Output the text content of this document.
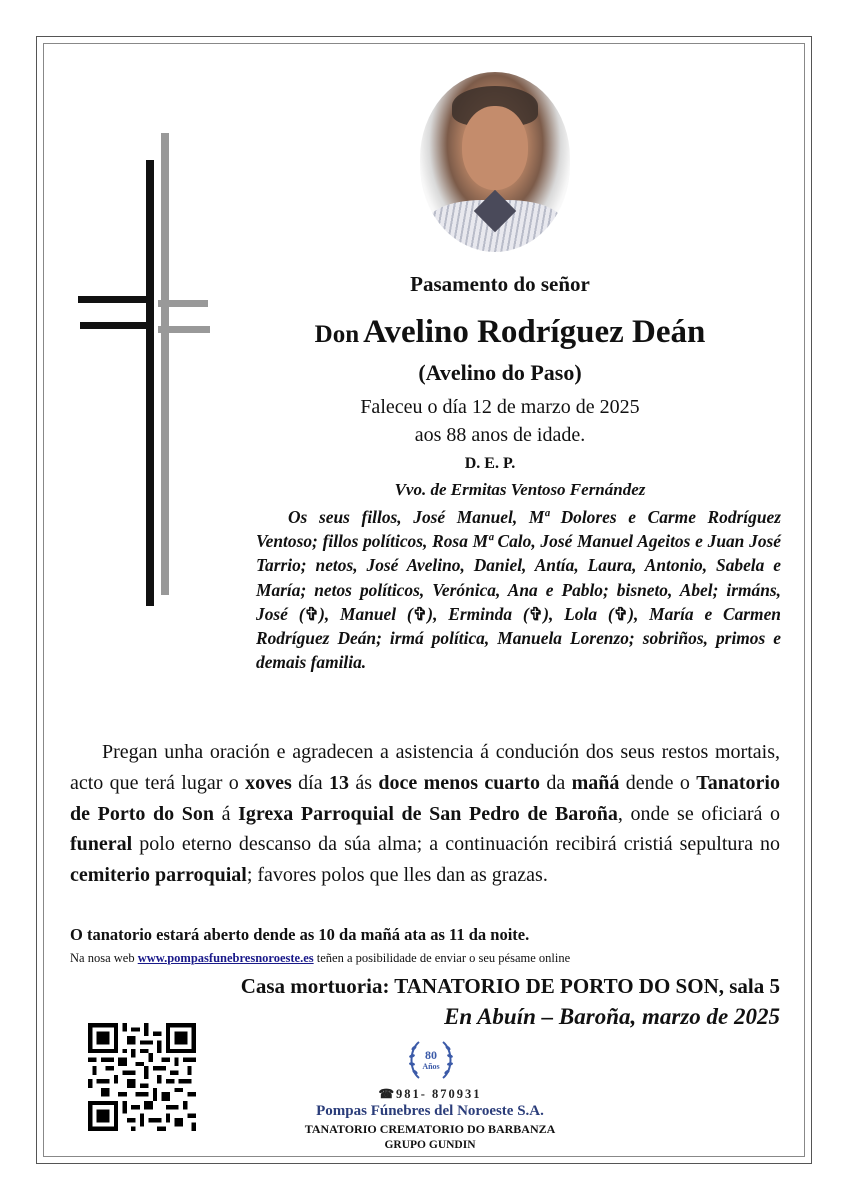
Pasamento do señor
Don Avelino Rodríguez Deán
(Avelino do Paso)
Faleceu o día 12 de marzo de 2025
aos 88 anos de idade.
D. E. P.
Vvo. de Ermitas Ventoso Fernández
Os seus fillos, José Manuel, Mª Dolores e Carme Rodríguez Ventoso; fillos políticos, Rosa Mª Calo, José Manuel Ageitos e Juan José Tarrio; netos, José Avelino, Daniel, Antía, Laura, Antonio, Sabela e María; netos políticos, Verónica, Ana e Pablo; bisneto, Abel; irmáns, José (✞), Manuel (✞), Erminda (✞), Lola (✞), María e Carmen Rodríguez Deán; irmá política, Manuela Lorenzo; sobriños, primos e demais familia.
Pregan unha oración e agradecen a asistencia á condución dos seus restos mortais, acto que terá lugar o xoves día 13 ás doce menos cuarto da mañá dende o Tanatorio de Porto do Son á Igrexa Parroquial de San Pedro de Baroña, onde se oficiará o funeral polo eterno descanso da súa alma; a continuación recibirá cristiá sepultura no cemiterio parroquial; favores polos que lles dan as grazas.
O tanatorio estará aberto dende as 10 da mañá ata as 11 da noite.
Na nosa web www.pompasfunebresnoroeste.es teñen a posibilidade de enviar o seu pésame online
Casa mortuoria: TANATORIO DE PORTO DO SON, sala 5
En Abuín – Baroña, marzo de 2025
80
Años
☎981- 870931
Pompas Fúnebres del Noroeste S.A.
TANATORIO CREMATORIO DO BARBANZA
GRUPO GUNDIN
